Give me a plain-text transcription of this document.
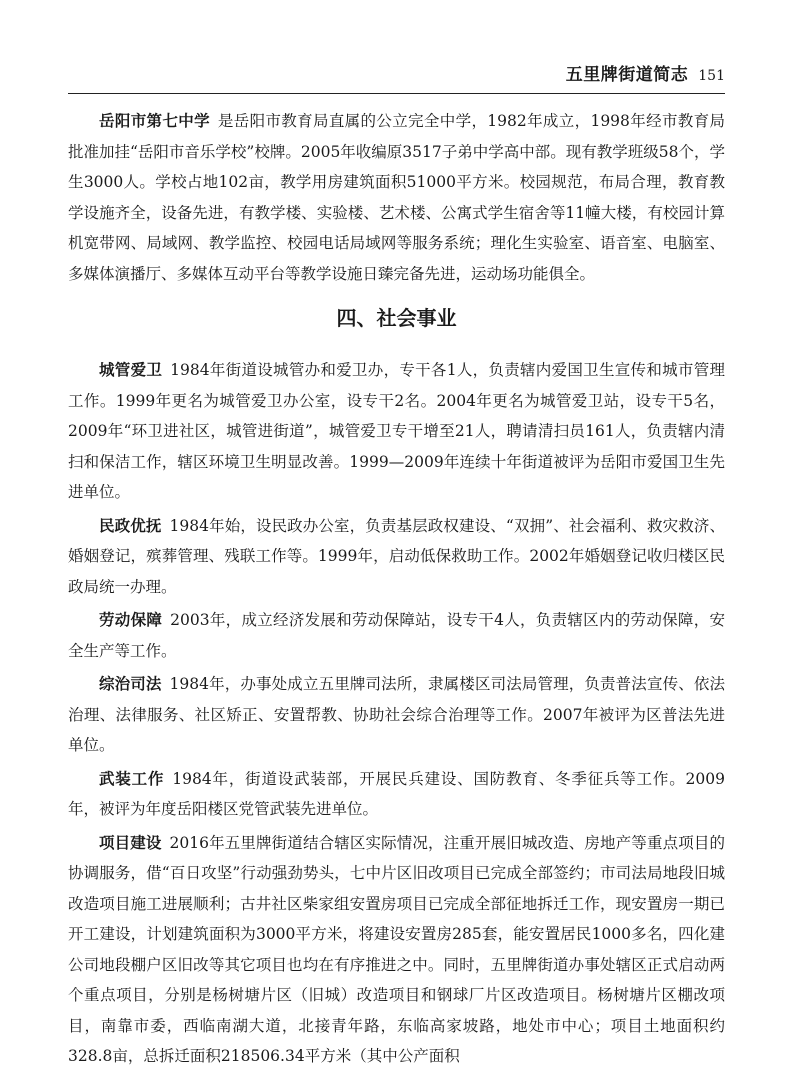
五里牌街道简志 151

岳阳市第七中学 是岳阳市教育局直属的公立完全中学，1982年成立，1998年经市教育局批准加挂“岳阳市音乐学校”校牌。2005年收编原3517子弟中学高中部。现有教学班级58个，学生3000人。学校占地102亩，教学用房建筑面积51000平方米。校园规范，布局合理，教育教学设施齐全，设备先进，有教学楼、实验楼、艺术楼、公寓式学生宿舍等11幢大楼，有校园计算机宽带网、局域网、教学监控、校园电话局域网等服务系统；理化生实验室、语音室、电脑室、多媒体演播厅、多媒体互动平台等教学设施日臻完备先进，运动场功能俱全。

四、社会事业

城管爱卫 1984年街道设城管办和爱卫办，专干各1人，负责辖内爱国卫生宣传和城市管理工作。1999年更名为城管爱卫办公室，设专干2名。2004年更名为城管爱卫站，设专干5名，2009年“环卫进社区，城管进街道”，城管爱卫专干增至21人，聘请清扫员161人，负责辖内清扫和保洁工作，辖区环境卫生明显改善。1999—2009年连续十年街道被评为岳阳市爱国卫生先进单位。

民政优抚 1984年始，设民政办公室，负责基层政权建设、“双拥”、社会福利、救灾救济、婚姻登记，殡葬管理、残联工作等。1999年，启动低保救助工作。2002年婚姻登记收归楼区民政局统一办理。

劳动保障 2003年，成立经济发展和劳动保障站，设专干4人，负责辖区内的劳动保障，安全生产等工作。

综治司法 1984年，办事处成立五里牌司法所，隶属楼区司法局管理，负责普法宣传、依法治理、法律服务、社区矫正、安置帮教、协助社会综合治理等工作。2007年被评为区普法先进单位。

武装工作 1984年，街道设武装部，开展民兵建设、国防教育、冬季征兵等工作。2009年，被评为年度岳阳楼区党管武装先进单位。

项目建设 2016年五里牌街道结合辖区实际情况，注重开展旧城改造、房地产等重点项目的协调服务，借“百日攻坚”行动强劲势头，七中片区旧改项目已完成全部签约；市司法局地段旧城改造项目施工进展顺利；古井社区柴家组安置房项目已完成全部征地拆迁工作，现安置房一期已开工建设，计划建筑面积为3000平方米，将建设安置房285套，能安置居民1000多名，四化建公司地段棚户区旧改等其它项目也均在有序推进之中。同时，五里牌街道办事处辖区正式启动两个重点项目，分别是杨树塘片区（旧城）改造项目和钢球厂片区改造项目。杨树塘片区棚改项目，南靠市委，西临南湖大道，北接青年路，东临高家坡路，地处市中心；项目土地面积约328.8亩，总拆迁面积218506.34平方米（其中公产面积
